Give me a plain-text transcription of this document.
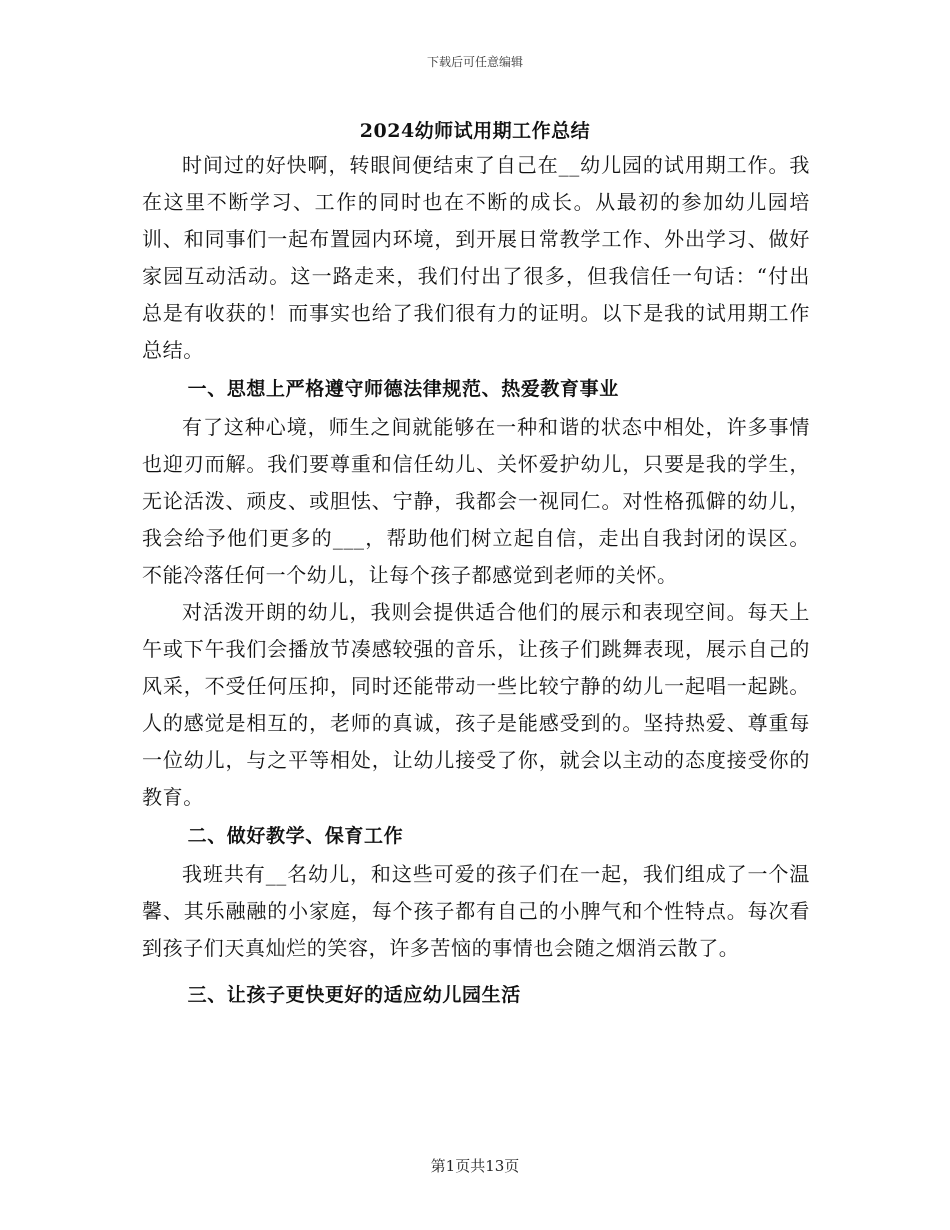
下载后可任意编辑
2024幼师试用期工作总结

时间过的好快啊，转眼间便结束了自己在__幼儿园的试用期工作。我在这里不断学习、工作的同时也在不断的成长。从最初的参加幼儿园培训、和同事们一起布置园内环境，到开展日常教学工作、外出学习、做好家园互动活动。这一路走来，我们付出了很多，但我信任一句话：“付出总是有收获的！而事实也给了我们很有力的证明。以下是我的试用期工作总结。

一、思想上严格遵守师德法律规范、热爱教育事业

有了这种心境，师生之间就能够在一种和谐的状态中相处，许多事情也迎刃而解。我们要尊重和信任幼儿、关怀爱护幼儿，只要是我的学生，无论活泼、顽皮、或胆怯、宁静，我都会一视同仁。对性格孤僻的幼儿，我会给予他们更多的___，帮助他们树立起自信，走出自我封闭的误区。不能冷落任何一个幼儿，让每个孩子都感觉到老师的关怀。

对活泼开朗的幼儿，我则会提供适合他们的展示和表现空间。每天上午或下午我们会播放节凑感较强的音乐，让孩子们跳舞表现，展示自己的风采，不受任何压抑，同时还能带动一些比较宁静的幼儿一起唱一起跳。人的感觉是相互的，老师的真诚，孩子是能感受到的。坚持热爱、尊重每一位幼儿，与之平等相处，让幼儿接受了你，就会以主动的态度接受你的教育。

二、做好教学、保育工作

我班共有__名幼儿，和这些可爱的孩子们在一起，我们组成了一个温馨、其乐融融的小家庭，每个孩子都有自己的小脾气和个性特点。每次看到孩子们天真灿烂的笑容，许多苦恼的事情也会随之烟消云散了。

三、让孩子更快更好的适应幼儿园生活
第1页共13页
